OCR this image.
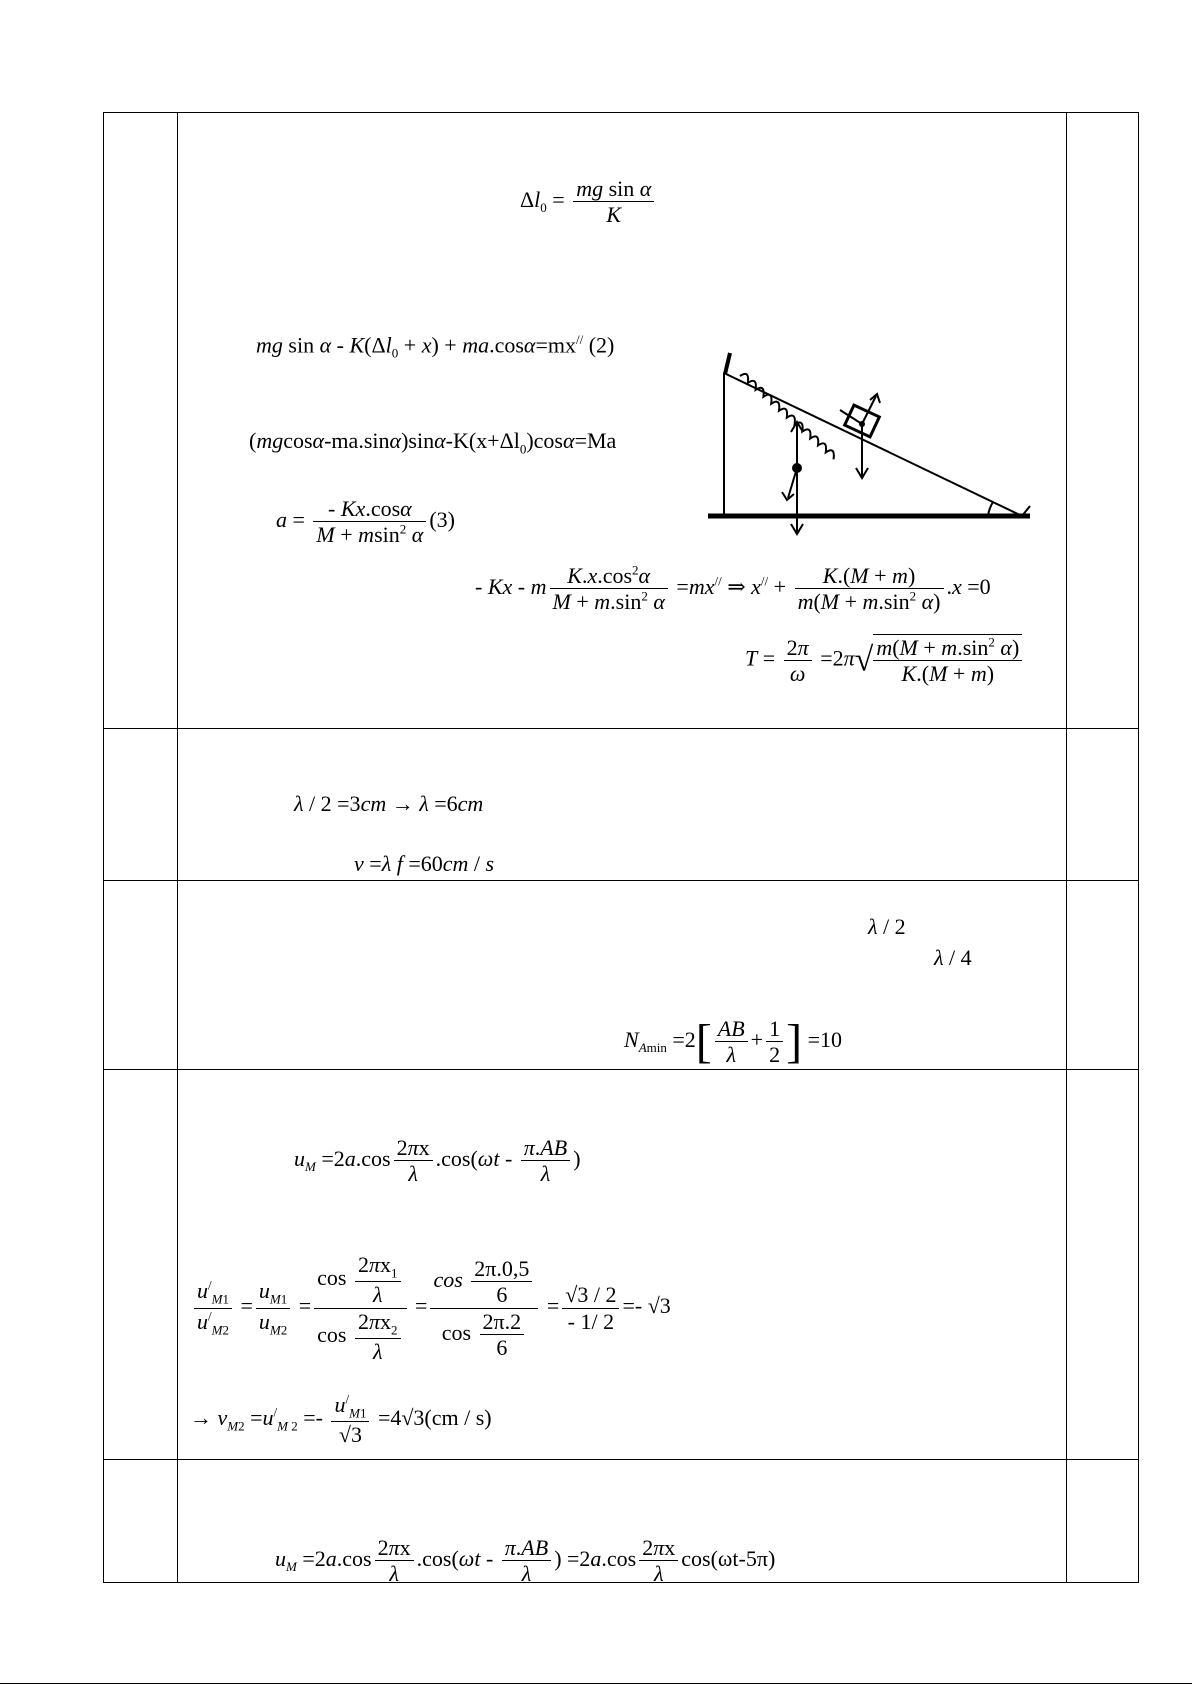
$\Delta l_0 = \frac{\text{mg sin α}}{K}$
mg $\sin \alpha - K(\Delta l_0 + x) + ma.\cos\alpha=mx^{//}$ (2)
$(mgcos\alpha-ma.\sin\alpha)\sin\alpha-K(x+\Delta l_0)\cos\alpha=Ma$
$a = \frac{- Kx.\cos\alpha}{M + msin^2 \alpha} (3)$
- Kx - m $\frac{K.x.\cos^2\alpha}{M + m.\sin^2 \alpha} =mx^{//}$ ⇒ $x^{//} + \frac{K.(M + m)}{m(M + m.\sin^2 \alpha)} .x =0$
$T = \frac{2\pi}{\omega} =2\pi√ \frac{m(M + m.\sin^2 \alpha)}{K.(M + m)}$
λ / 2 =3cm → λ =6cm
v =λ f =60cm / s
λ / 2
λ / 4
$N_{Amin} =2[ \frac{AB}{\lambda} + \frac{1}{2}$ ] =10
$u_M =2a.\cos \frac{2\pi x}{\lambda} .\cos(\omega t - \frac{\pi.AB}{\lambda}$ )
$\frac{u^/_{M1}}{u^/_{M2}} = \frac{u_{M1}}{u_{M2}} = \frac{\cos \frac{2\pi x_1}{\lambda}}{\cos \frac{2\pi x_2}{\lambda}} = \frac{\cos \frac{2\pi.0,5}{6}}{\cos \frac{2\pi.2}{6}} = \frac{√3 / 2}{- 1/ 2} =- √3$
→ $v_{M2} =u^/_{M 2} =- \frac{u^/_{M1}}{√3} =4√3(cm / s)$
$u_M =2a.\cos \frac{2\pi x}{\lambda} .\cos(\omega t - \frac{\pi.AB}{\lambda}$ ) $=2a.\cos \frac{2\pi x}{\lambda} \cos(\omega t-5\pi)$
